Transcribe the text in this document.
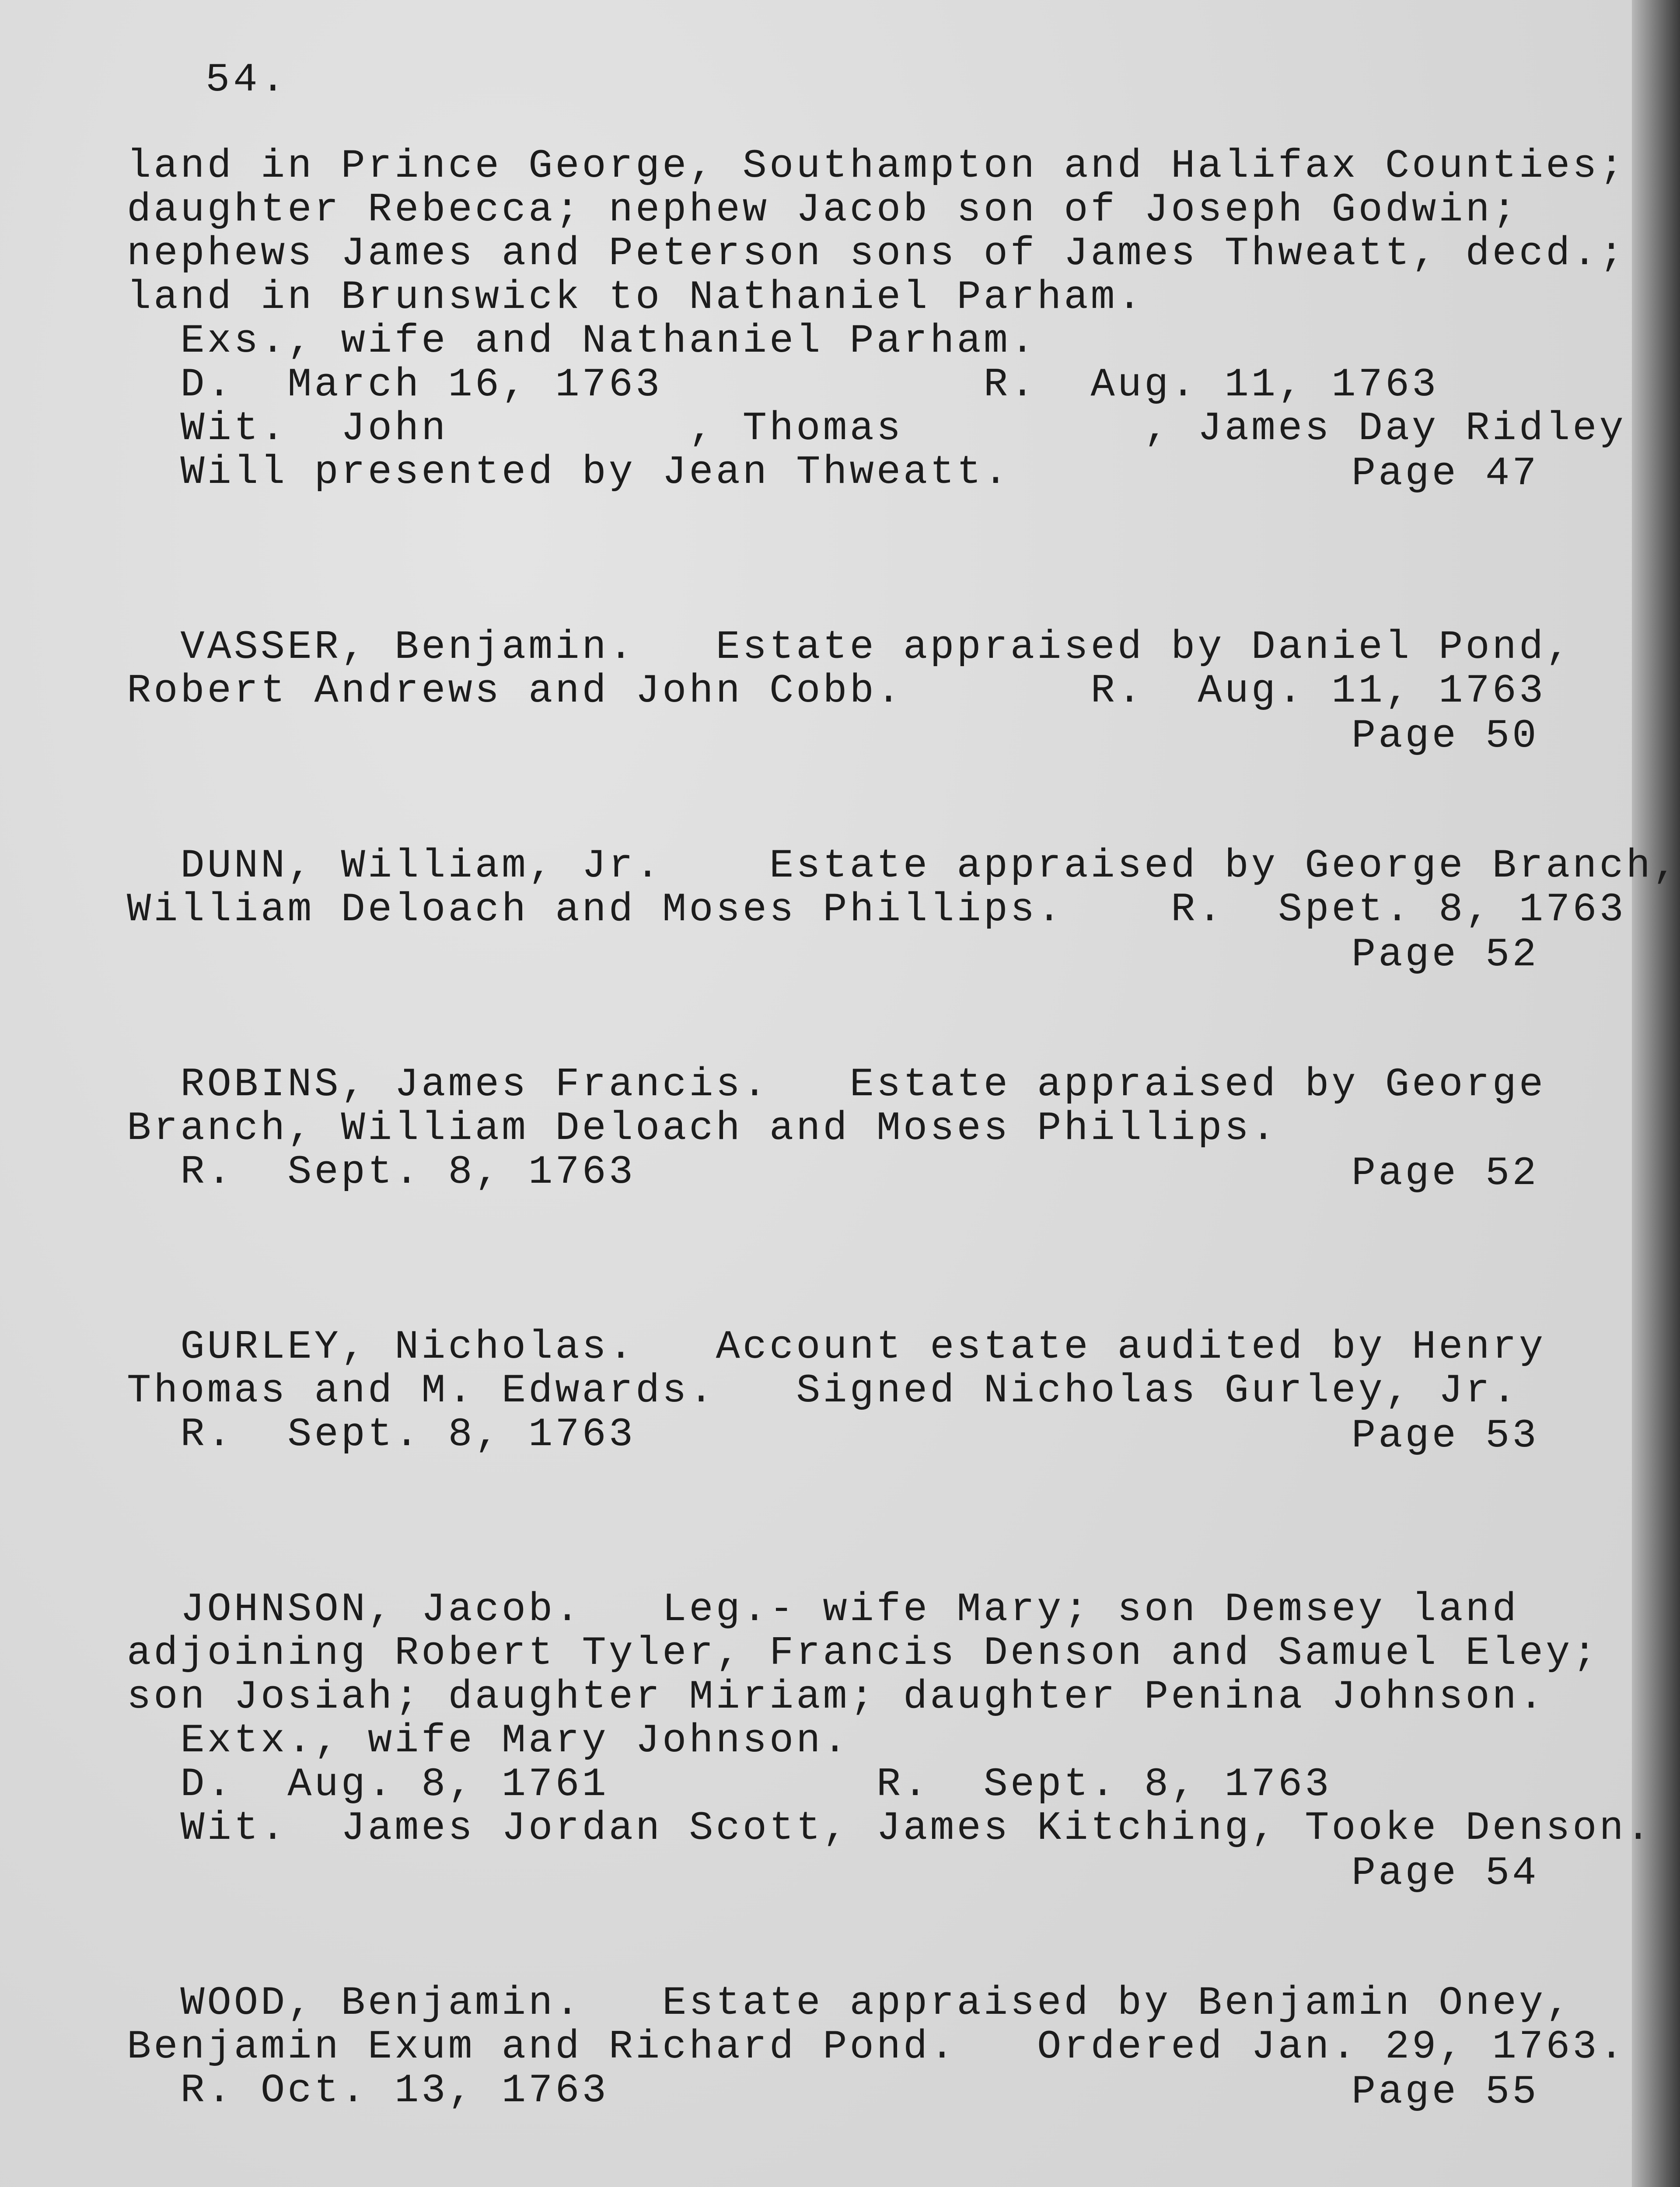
54.
land in Prince George, Southampton and Halifax Counties;
daughter Rebecca; nephew Jacob son of Joseph Godwin;
nephews James and Peterson sons of James Thweatt, decd.;
land in Brunswick to Nathaniel Parham.
Exs., wife and Nathaniel Parham.
D.  March 16, 1763            R.  Aug. 11, 1763
Wit.  John         , Thomas         , James Day Ridley
Will presented by Jean Thweatt.	Page 47
VASSER, Benjamin.   Estate appraised by Daniel Pond,
Robert Andrews and John Cobb.       R.  Aug. 11, 1763
Page 50
DUNN, William, Jr.    Estate appraised by George Branch,
William Deloach and Moses Phillips.    R.  Spet. 8, 1763
Page 52
ROBINS, James Francis.   Estate appraised by George
Branch, William Deloach and Moses Phillips.
R.  Sept. 8, 1763	Page 52
GURLEY, Nicholas.   Account estate audited by Henry
Thomas and M. Edwards.   Signed Nicholas Gurley, Jr.
R.  Sept. 8, 1763	Page 53
JOHNSON, Jacob.   Leg.- wife Mary; son Demsey land
adjoining Robert Tyler, Francis Denson and Samuel Eley;
son Josiah; daughter Miriam; daughter Penina Johnson.
Extx., wife Mary Johnson.
D.  Aug. 8, 1761          R.  Sept. 8, 1763
Wit.  James Jordan Scott, James Kitching, Tooke Denson.
Page 54
WOOD, Benjamin.   Estate appraised by Benjamin Oney,
Benjamin Exum and Richard Pond.   Ordered Jan. 29, 1763.
R. Oct. 13, 1763	Page 55
